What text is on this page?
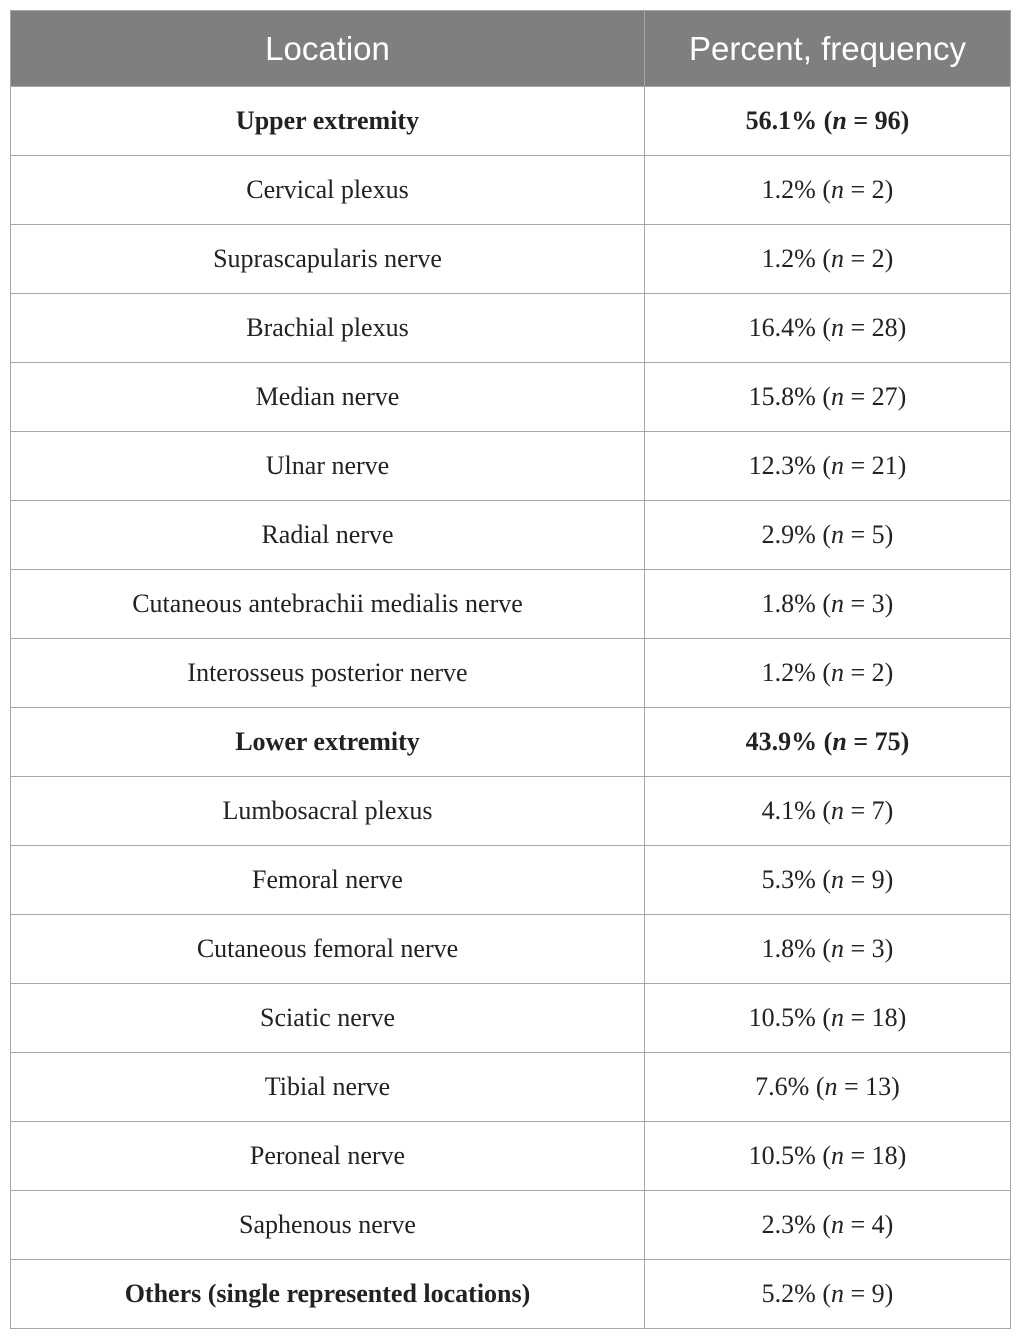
Location	Percent, frequency
Upper extremity	56.1% (n = 96)
Cervical plexus	1.2% (n = 2)
Suprascapularis nerve	1.2% (n = 2)
Brachial plexus	16.4% (n = 28)
Median nerve	15.8% (n = 27)
Ulnar nerve	12.3% (n = 21)
Radial nerve	2.9% (n = 5)
Cutaneous antebrachii medialis nerve	1.8% (n = 3)
Interosseus posterior nerve	1.2% (n = 2)
Lower extremity	43.9% (n = 75)
Lumbosacral plexus	4.1% (n = 7)
Femoral nerve	5.3% (n = 9)
Cutaneous femoral nerve	1.8% (n = 3)
Sciatic nerve	10.5% (n = 18)
Tibial nerve	7.6% (n = 13)
Peroneal nerve	10.5% (n = 18)
Saphenous nerve	2.3% (n = 4)
Others (single represented locations)	5.2% (n = 9)
